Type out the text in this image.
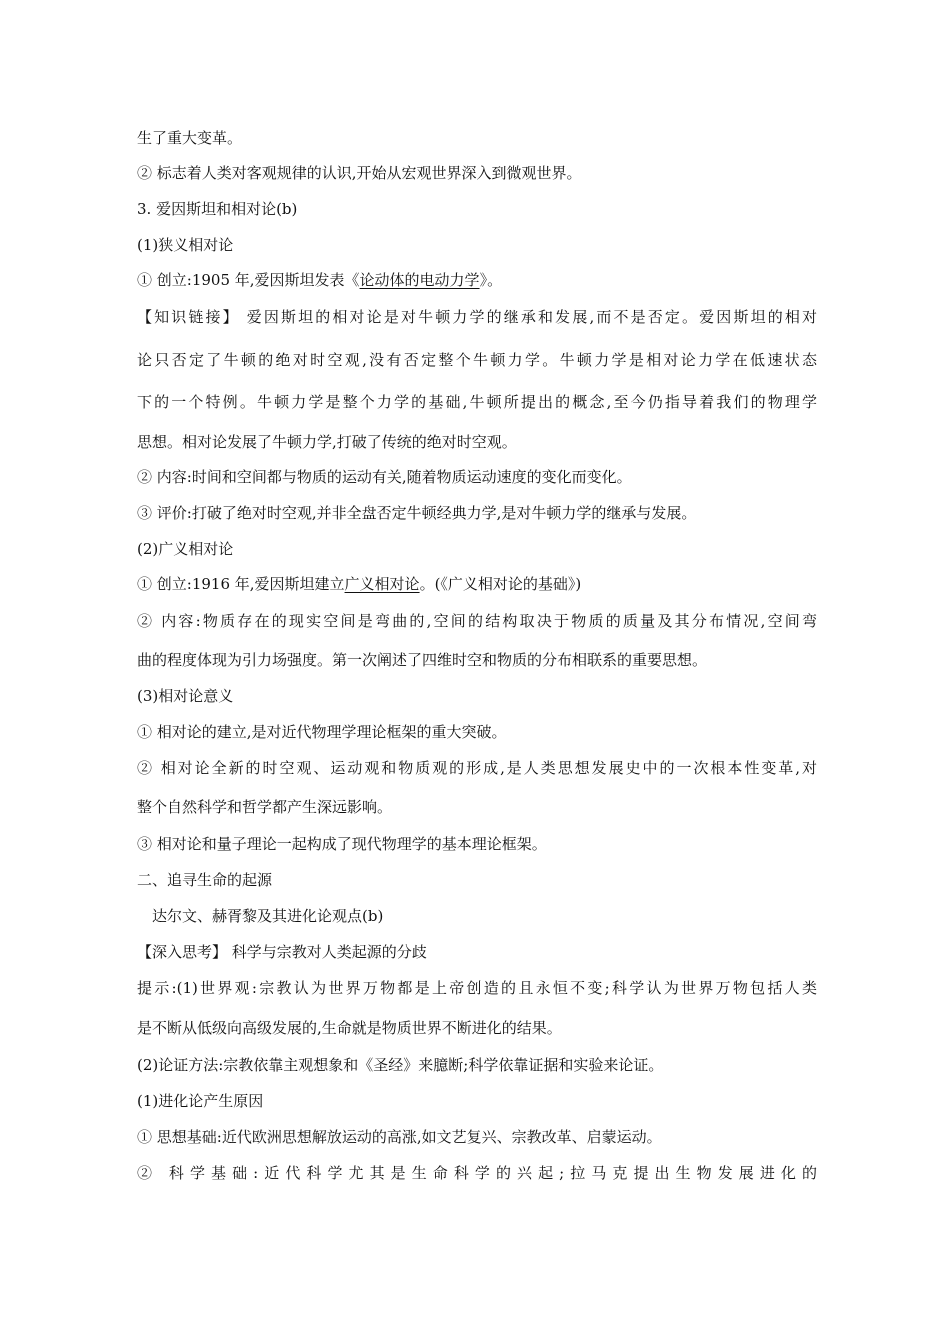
生了重大变革。
② 标志着人类对客观规律的认识,开始从宏观世界深入到微观世界。
3. 爱因斯坦和相对论(b)
(1)狭义相对论
① 创立:1905 年,爱因斯坦发表《论动体的电动力学》。
【知识链接】 爱因斯坦的相对论是对牛顿力学的继承和发展,而不是否定。爱因斯坦的相对
论只否定了牛顿的绝对时空观,没有否定整个牛顿力学。牛顿力学是相对论力学在低速状态
下的一个特例。牛顿力学是整个力学的基础,牛顿所提出的概念,至今仍指导着我们的物理学
思想。相对论发展了牛顿力学,打破了传统的绝对时空观。
② 内容:时间和空间都与物质的运动有关,随着物质运动速度的变化而变化。
③ 评价:打破了绝对时空观,并非全盘否定牛顿经典力学,是对牛顿力学的继承与发展。
(2)广义相对论
① 创立:1916 年,爱因斯坦建立广义相对论。(《广义相对论的基础》)
② 内容:物质存在的现实空间是弯曲的,空间的结构取决于物质的质量及其分布情况,空间弯
曲的程度体现为引力场强度。第一次阐述了四维时空和物质的分布相联系的重要思想。
(3)相对论意义
① 相对论的建立,是对近代物理学理论框架的重大突破。
② 相对论全新的时空观、运动观和物质观的形成,是人类思想发展史中的一次根本性变革,对
整个自然科学和哲学都产生深远影响。
③ 相对论和量子理论一起构成了现代物理学的基本理论框架。
二、追寻生命的起源
达尔文、赫胥黎及其进化论观点(b)
【深入思考】 科学与宗教对人类起源的分歧
提示:(1)世界观:宗教认为世界万物都是上帝创造的且永恒不变;科学认为世界万物包括人类
是不断从低级向高级发展的,生命就是物质世界不断进化的结果。
(2)论证方法:宗教依靠主观想象和《圣经》来臆断;科学依靠证据和实验来论证。
(1)进化论产生原因
① 思想基础:近代欧洲思想解放运动的高涨,如文艺复兴、宗教改革、启蒙运动。
② 科学基础:近代科学尤其是生命科学的兴起;拉马克提出生物发展进化的
